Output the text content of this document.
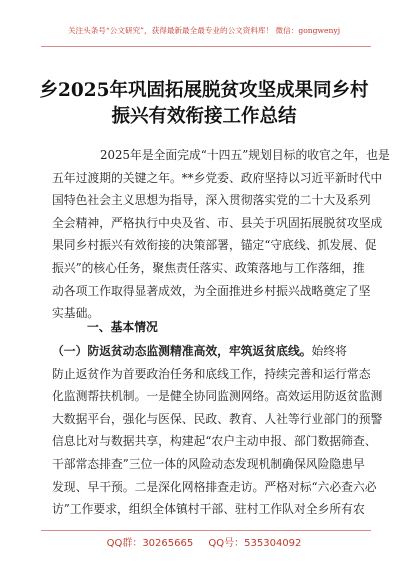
关注头条号“公文研究”，获得最新最全最专业的公文资料库！ 微信：gongwenyj
乡2025年巩固拓展脱贫攻坚成果同乡村
振兴有效衔接工作总结
2025年是全面完成“十四五”规划目标的收官之年，也是
五年过渡期的关键之年。**乡党委、政府坚持以习近平新时代中
国特色社会主义思想为指导，深入贯彻落实党的二十大及系列
全会精神，严格执行中央及省、市、县关于巩固拓展脱贫攻坚成
果同乡村振兴有效衔接的决策部署，锚定“守底线、抓发展、促
振兴”的核心任务，聚焦责任落实、政策落地与工作落细，推
动各项工作取得显著成效，为全面推进乡村振兴战略奠定了坚
实基础。
一、基本情况
（一）防返贫动态监测精准高效，牢筑返贫底线。始终将
防止返贫作为首要政治任务和底线工作，持续完善和运行常态
化监测帮扶机制。一是健全协同监测网络。高效运用防返贫监测
大数据平台，强化与医保、民政、教育、人社等行业部门的预警
信息比对与数据共享，构建起“农户主动申报、部门数据筛查、
干部常态排查”三位一体的风险动态发现机制确保风险隐患早
发现、早干预。二是深化网格排查走访。严格对标“六必查六必
访”工作要求，组织全体镇村干部、驻村工作队对全乡所有农
QQ群：30265665 QQ号：535304092
